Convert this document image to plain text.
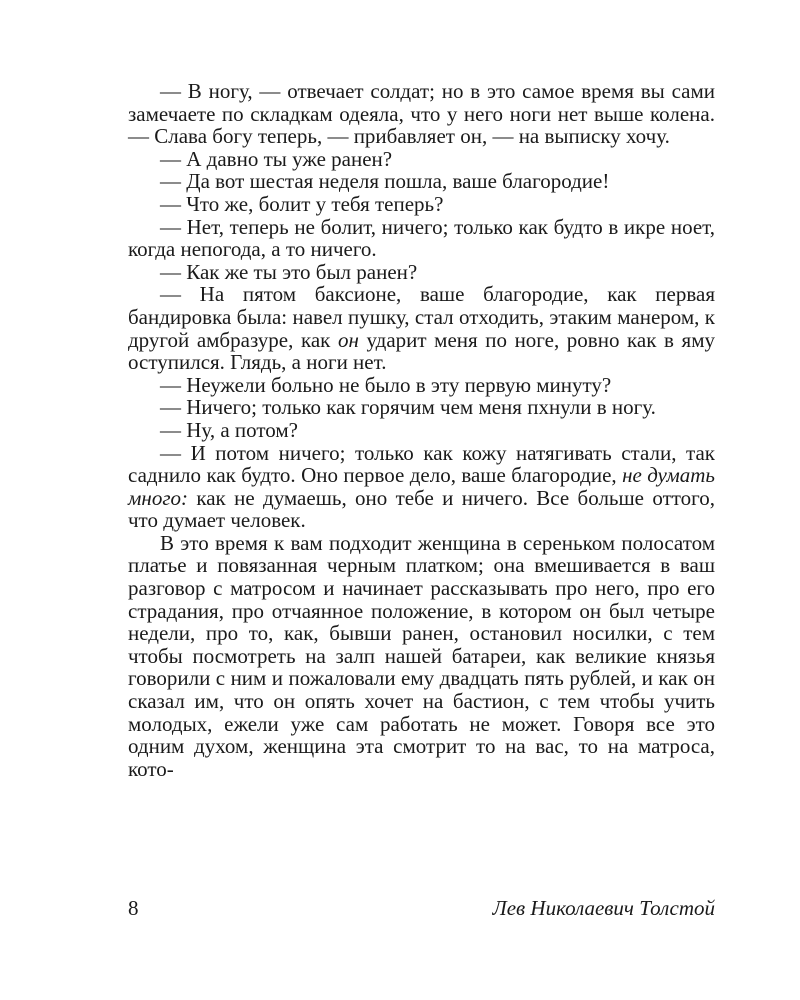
— В ногу, — отвечает солдат; но в это самое время вы сами замечаете по складкам одеяла, что у него ноги нет выше колена. — Слава богу теперь, — прибавляет он, — на выписку хочу.

— А давно ты уже ранен?

— Да вот шестая неделя пошла, ваше благородие!

— Что же, болит у тебя теперь?

— Нет, теперь не болит, ничего; только как будто в икре ноет, когда непогода, а то ничего.

— Как же ты это был ранен?

— На пятом баксионе, ваше благородие, как первая бандировка была: навел пушку, стал отходить, этаким манером, к другой амбразуре, как он ударит меня по ноге, ровно как в яму оступился. Глядь, а ноги нет.

— Неужели больно не было в эту первую минуту?

— Ничего; только как горячим чем меня пхнули в ногу.

— Ну, а потом?

— И потом ничего; только как кожу натягивать стали, так саднило как будто. Оно первое дело, ваше благородие, не думать много: как не думаешь, оно тебе и ничего. Все больше оттого, что думает человек.

В это время к вам подходит женщина в сереньком полосатом платье и повязанная черным платком; она вмешивается в ваш разговор с матросом и начинает рассказывать про него, про его страдания, про отчаянное положение, в котором он был четыре недели, про то, как, бывши ранен, остановил носилки, с тем чтобы посмотреть на залп нашей батареи, как великие князья говорили с ним и пожаловали ему двадцать пять рублей, и как он сказал им, что он опять хочет на бастион, с тем чтобы учить молодых, ежели уже сам работать не может. Говоря все это одним духом, женщина эта смотрит то на вас, то на матроса, кото-

8	Лев Николаевич Толстой
